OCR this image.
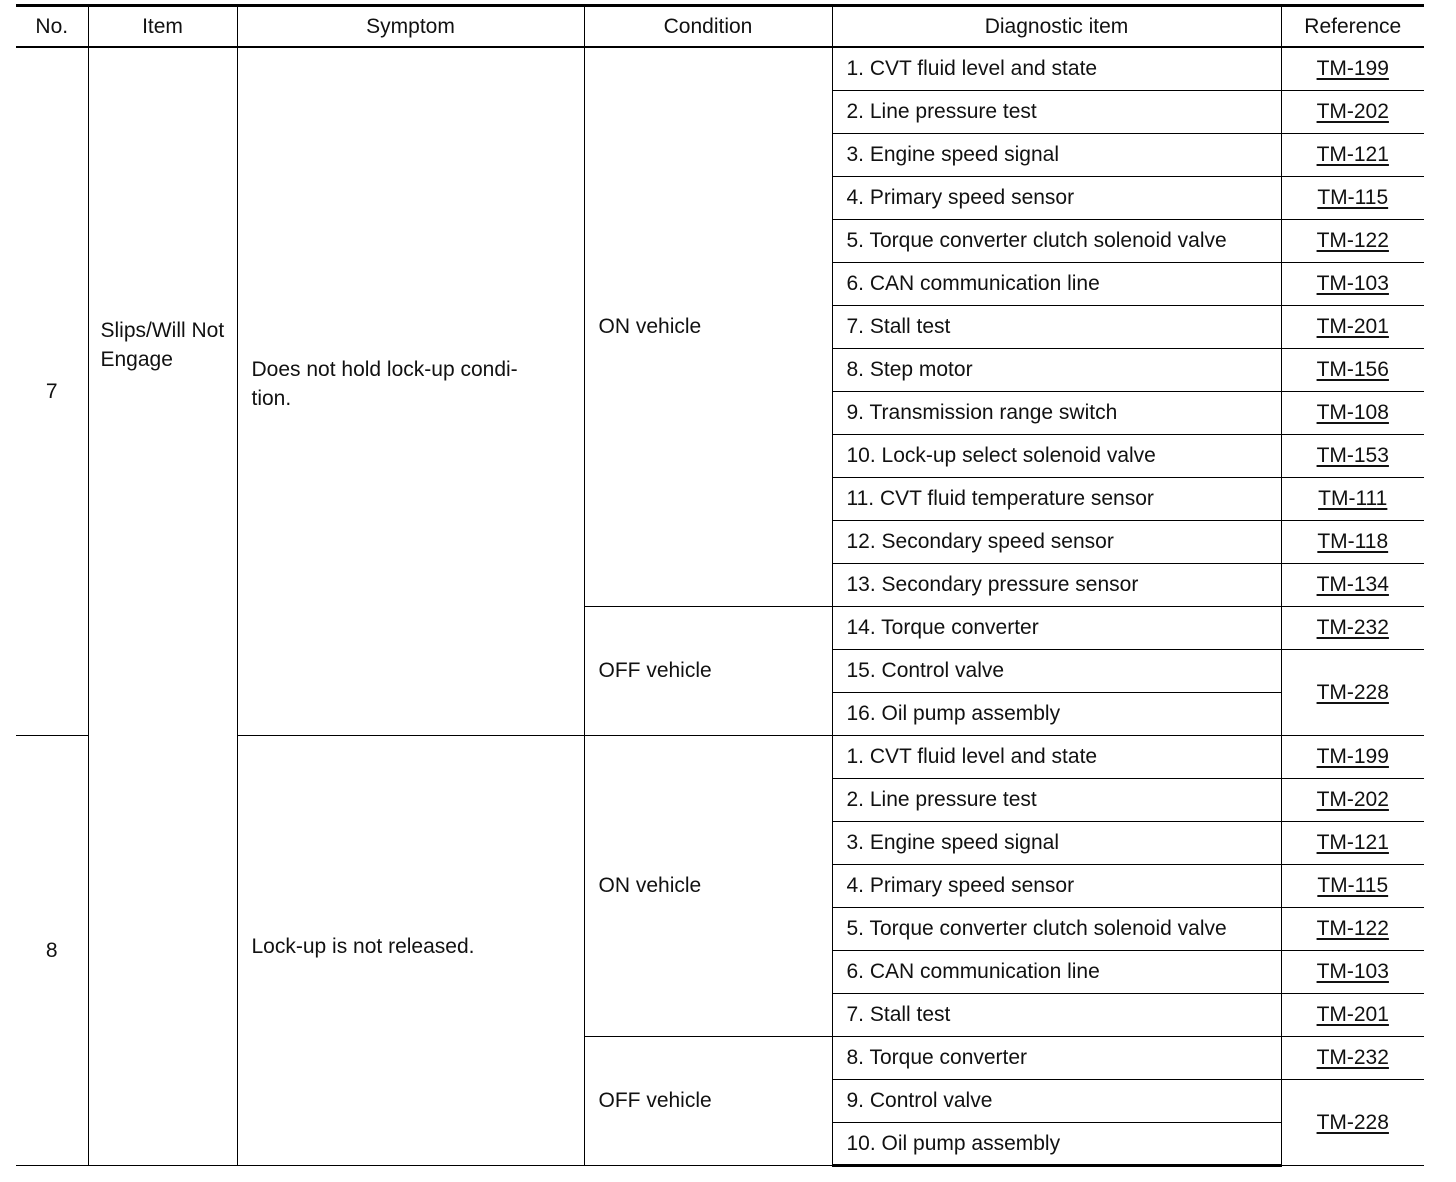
No.	Item	Symptom	Condition	Diagnostic item	Reference
7	Slips/Will Not Engage	Does not hold lock-up condi-tion.	ON vehicle	1. CVT fluid level and state	TM-199
				2. Line pressure test	TM-202
				3. Engine speed signal	TM-121
				4. Primary speed sensor	TM-115
				5. Torque converter clutch solenoid valve	TM-122
				6. CAN communication line	TM-103
				7. Stall test	TM-201
				8. Step motor	TM-156
				9. Transmission range switch	TM-108
				10. Lock-up select solenoid valve	TM-153
				11. CVT fluid temperature sensor	TM-111
				12. Secondary speed sensor	TM-118
				13. Secondary pressure sensor	TM-134
			OFF vehicle	14. Torque converter	TM-232
				15. Control valve	TM-228
				16. Oil pump assembly	
8		Lock-up is not released.	ON vehicle	1. CVT fluid level and state	TM-199
				2. Line pressure test	TM-202
				3. Engine speed signal	TM-121
				4. Primary speed sensor	TM-115
				5. Torque converter clutch solenoid valve	TM-122
				6. CAN communication line	TM-103
				7. Stall test	TM-201
			OFF vehicle	8. Torque converter	TM-232
				9. Control valve	TM-228
				10. Oil pump assembly	
